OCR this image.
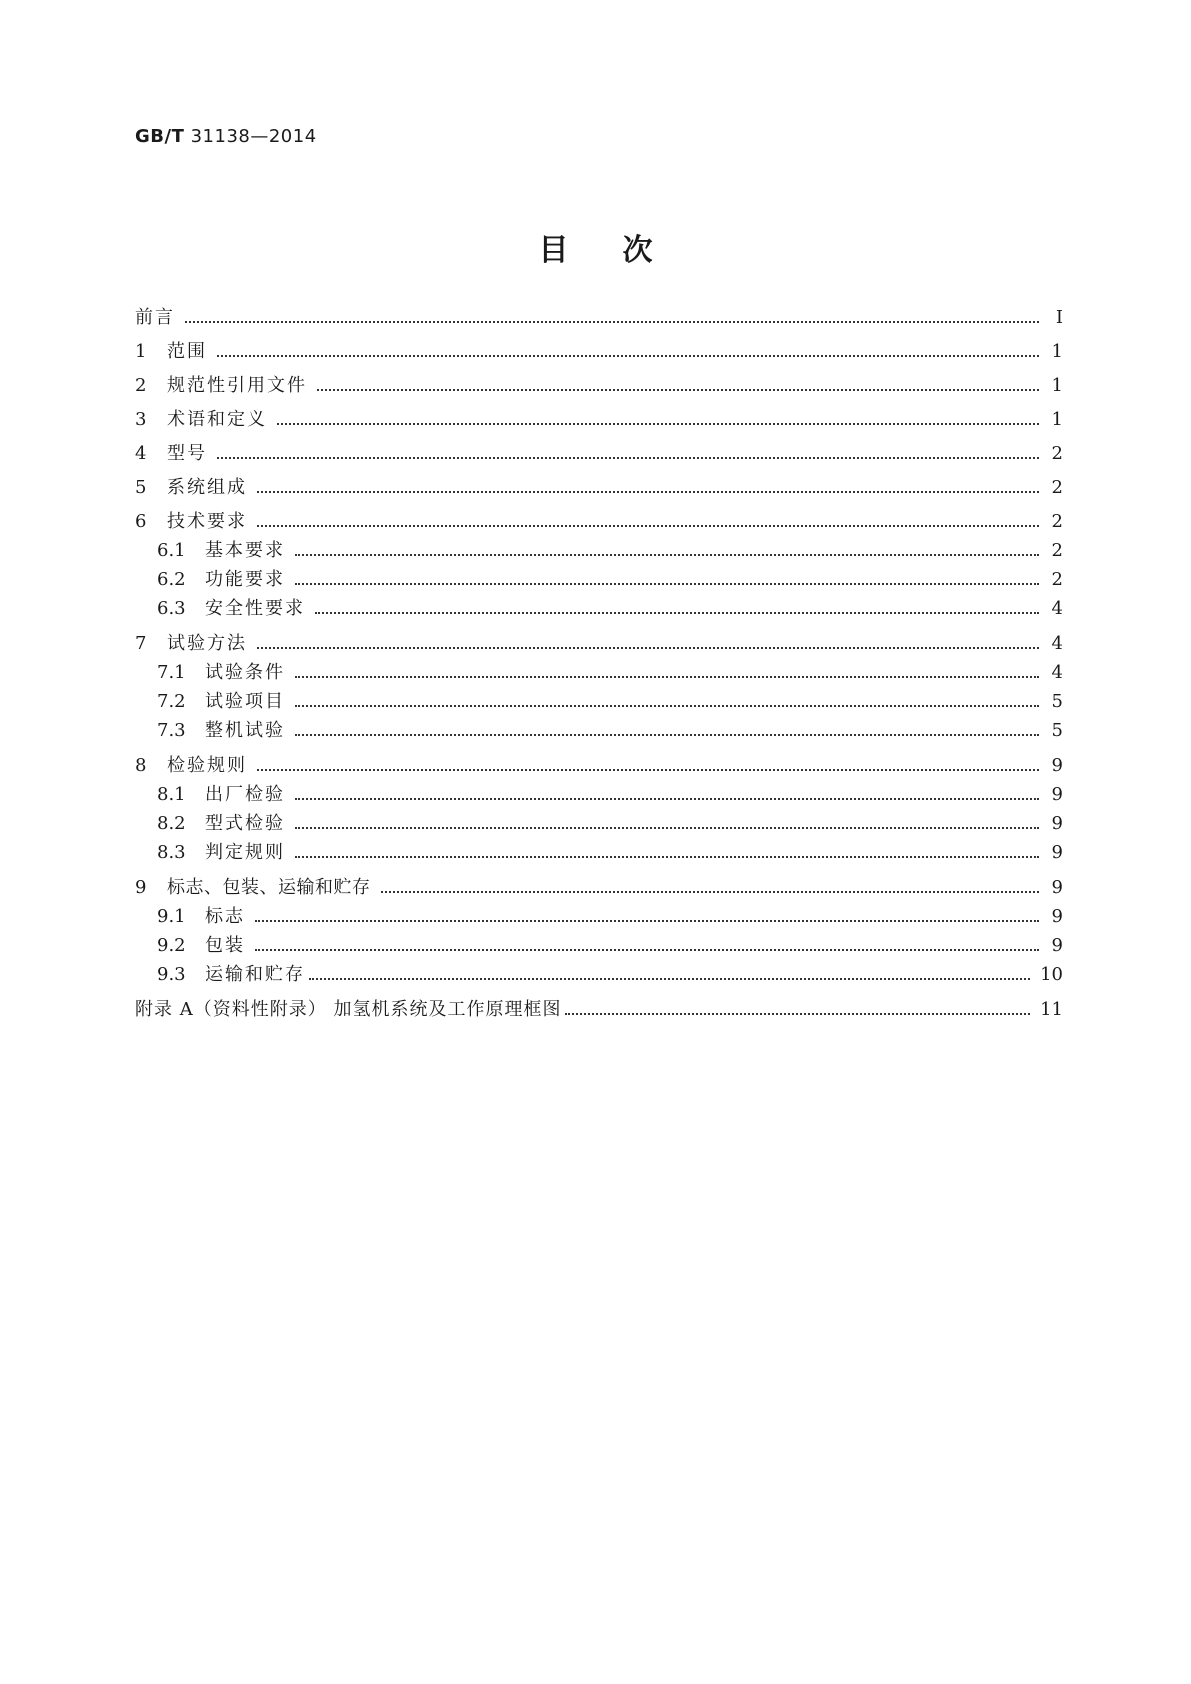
GB/T 31138—2014
目次
前言	Ⅰ
1	范围	1
2	规范性引用文件	1
3	术语和定义	1
4	型号	2
5	系统组成	2
6	技术要求	2
6.1	基本要求	2
6.2	功能要求	2
6.3	安全性要求	4
7	试验方法	4
7.1	试验条件	4
7.2	试验项目	5
7.3	整机试验	5
8	检验规则	9
8.1	出厂检验	9
8.2	型式检验	9
8.3	判定规则	9
9	标志、包装、运输和贮存	9
9.1	标志	9
9.2	包装	9
9.3	运输和贮存	10
附录 A（资料性附录） 加氢机系统及工作原理框图	11
